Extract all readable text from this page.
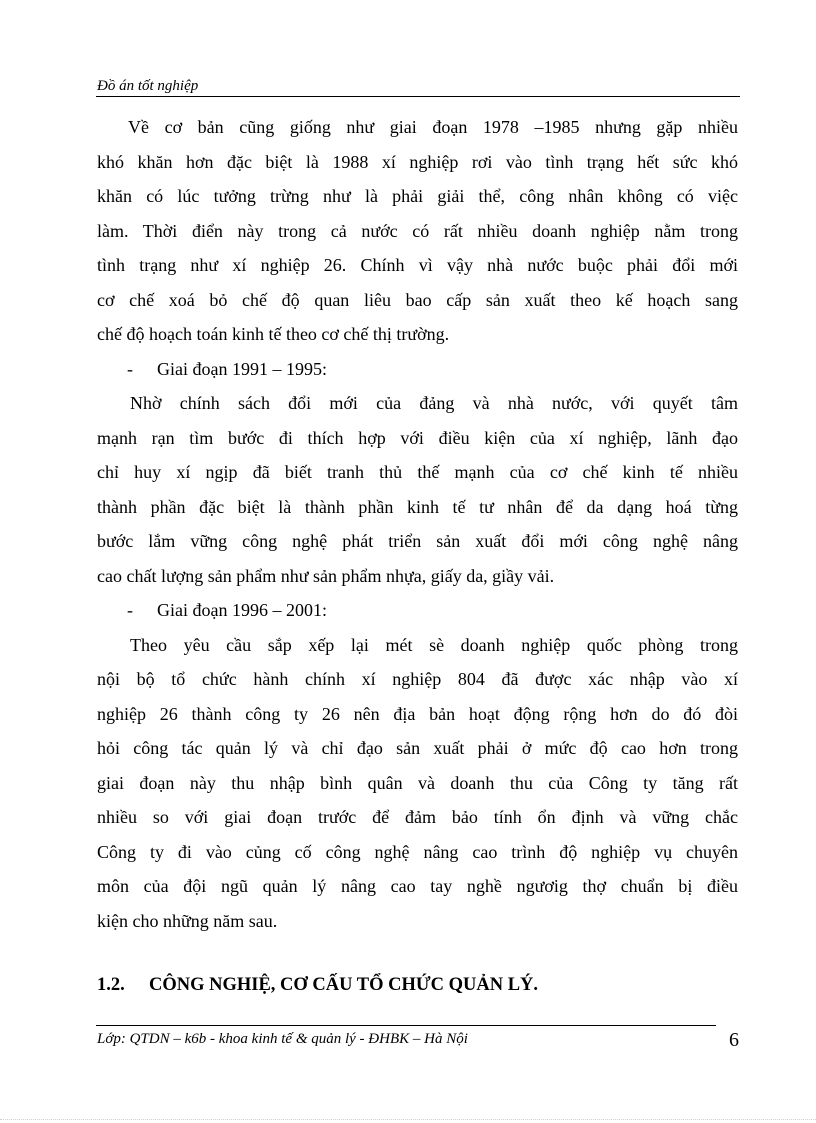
Đồ án tốt nghiệp
Về cơ bản cũng giống như giai đoạn 1978 –1985 nhưng gặp nhiều
khó khăn hơn đặc biệt là 1988 xí nghiệp rơi vào tình trạng hết sức khó
khăn có lúc tưởng trừng như là phải giải thể, công nhân không có việc
làm. Thời điển này trong cả nước có rất nhiều doanh nghiệp nằm trong
tình trạng như xí nghiệp 26. Chính vì vậy nhà nước buộc phải đổi mới
cơ chế xoá bỏ chế độ quan liêu bao cấp sản xuất theo kế hoạch sang
chế độ hoạch toán kinh tế theo cơ chế thị trường.
- Giai đoạn 1991 – 1995:
Nhờ chính sách đổi mới của đảng và nhà nước, với quyết tâm
mạnh rạn tìm bước đi thích hợp với điều kiện của xí nghiệp, lãnh đạo
chỉ huy xí ngịp đã biết tranh thủ thế mạnh của cơ chế kinh tế nhiều
thành phần đặc biệt là thành phần kinh tế tư nhân để da dạng hoá từng
bước lắm vững công nghệ phát triển sản xuất đổi mới công nghệ nâng
cao chất lượng sản phẩm như sản phẩm nhựa, giấy da, giầy vải.
- Giai đoạn 1996 – 2001:
Theo yêu cầu sắp xếp lại mét sè doanh nghiệp quốc phòng trong
nội bộ tổ chức hành chính xí nghiệp 804 đã được xác nhập vào xí
nghiệp 26 thành công ty 26 nên địa bản hoạt động rộng hơn do đó đòi
hỏi công tác quản lý và chỉ đạo sản xuất phải ở mức độ cao hơn trong
giai đoạn này thu nhập bình quân và doanh thu của Công ty tăng rất
nhiều so với giai đoạn trước để đảm bảo tính ổn định và vững chắc
Công ty đi vào củng cố công nghệ nâng cao trình độ nghiệp vụ chuyên
môn của đội ngũ quản lý nâng cao tay nghề ngươig thợ chuẩn bị điều
kiện cho những năm sau.
1.2. CÔNG NGHIỆ, CƠ CẤU TỔ CHỨC QUẢN LÝ.
Lớp: QTDN – k6b - khoa kinh tế & quản lý - ĐHBK – Hà Nội	6
